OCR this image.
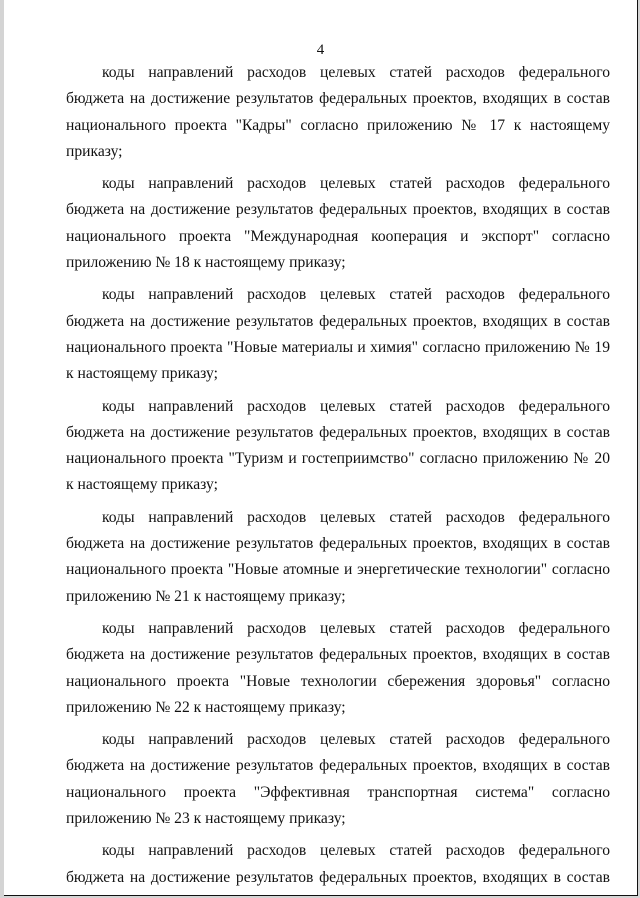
4

коды направлений расходов целевых статей расходов федерального бюджета на достижение результатов федеральных проектов, входящих в состав национального проекта "Кадры" согласно приложению № 17 к настоящему приказу;

коды направлений расходов целевых статей расходов федерального бюджета на достижение результатов федеральных проектов, входящих в состав национального проекта "Международная кооперация и экспорт" согласно приложению № 18 к настоящему приказу;

коды направлений расходов целевых статей расходов федерального бюджета на достижение результатов федеральных проектов, входящих в состав национального проекта "Новые материалы и химия" согласно приложению № 19 к настоящему приказу;

коды направлений расходов целевых статей расходов федерального бюджета на достижение результатов федеральных проектов, входящих в состав национального проекта "Туризм и гостеприимство" согласно приложению № 20 к настоящему приказу;

коды направлений расходов целевых статей расходов федерального бюджета на достижение результатов федеральных проектов, входящих в состав национального проекта "Новые атомные и энергетические технологии" согласно приложению № 21 к настоящему приказу;

коды направлений расходов целевых статей расходов федерального бюджета на достижение результатов федеральных проектов, входящих в состав национального проекта "Новые технологии сбережения здоровья" согласно приложению № 22 к настоящему приказу;

коды направлений расходов целевых статей расходов федерального бюджета на достижение результатов федеральных проектов, входящих в состав национального проекта "Эффективная транспортная система" согласно приложению № 23 к настоящему приказу;

коды направлений расходов целевых статей расходов федерального бюджета на достижение результатов федеральных проектов, входящих в состав
